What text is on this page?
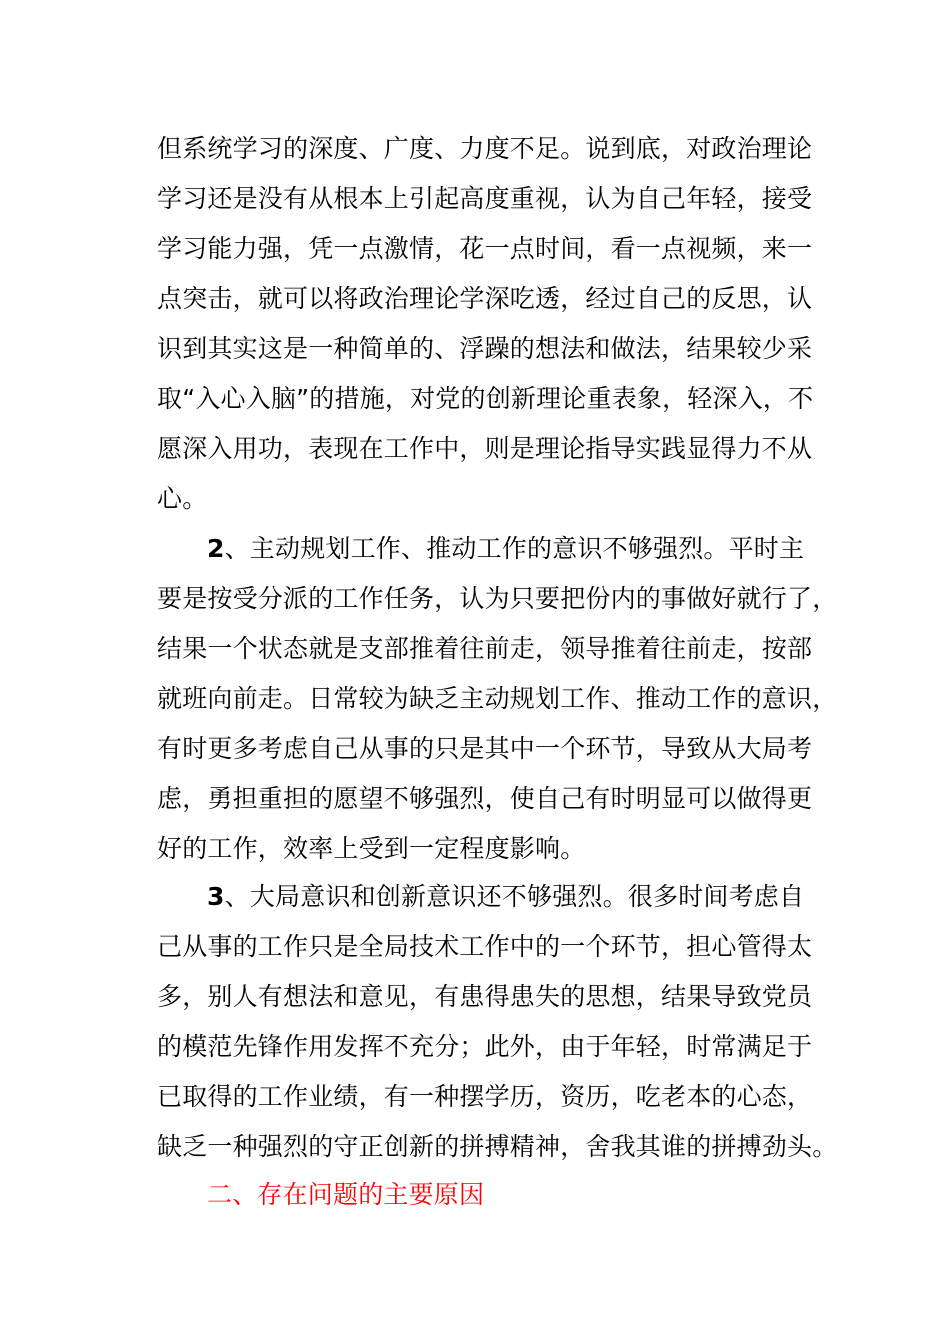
但系统学习的深度、广度、力度不足。说到底，对政治理论
学习还是没有从根本上引起高度重视，认为自己年轻，接受
学习能力强，凭一点激情，花一点时间，看一点视频，来一
点突击，就可以将政治理论学深吃透，经过自己的反思，认
识到其实这是一种简单的、浮躁的想法和做法，结果较少采
取“入心入脑”的措施，对党的创新理论重表象，轻深入，不
愿深入用功，表现在工作中，则是理论指导实践显得力不从
心。
2、主动规划工作、推动工作的意识不够强烈。平时主
要是按受分派的工作任务，认为只要把份内的事做好就行了，
结果一个状态就是支部推着往前走，领导推着往前走，按部
就班向前走。日常较为缺乏主动规划工作、推动工作的意识，
有时更多考虑自己从事的只是其中一个环节，导致从大局考
虑，勇担重担的愿望不够强烈，使自己有时明显可以做得更
好的工作，效率上受到一定程度影响。
3、大局意识和创新意识还不够强烈。很多时间考虑自
己从事的工作只是全局技术工作中的一个环节，担心管得太
多，别人有想法和意见，有患得患失的思想，结果导致党员
的模范先锋作用发挥不充分；此外，由于年轻，时常满足于
已取得的工作业绩，有一种摆学历，资历，吃老本的心态，
缺乏一种强烈的守正创新的拼搏精神，舍我其谁的拼搏劲头。
二、存在问题的主要原因
